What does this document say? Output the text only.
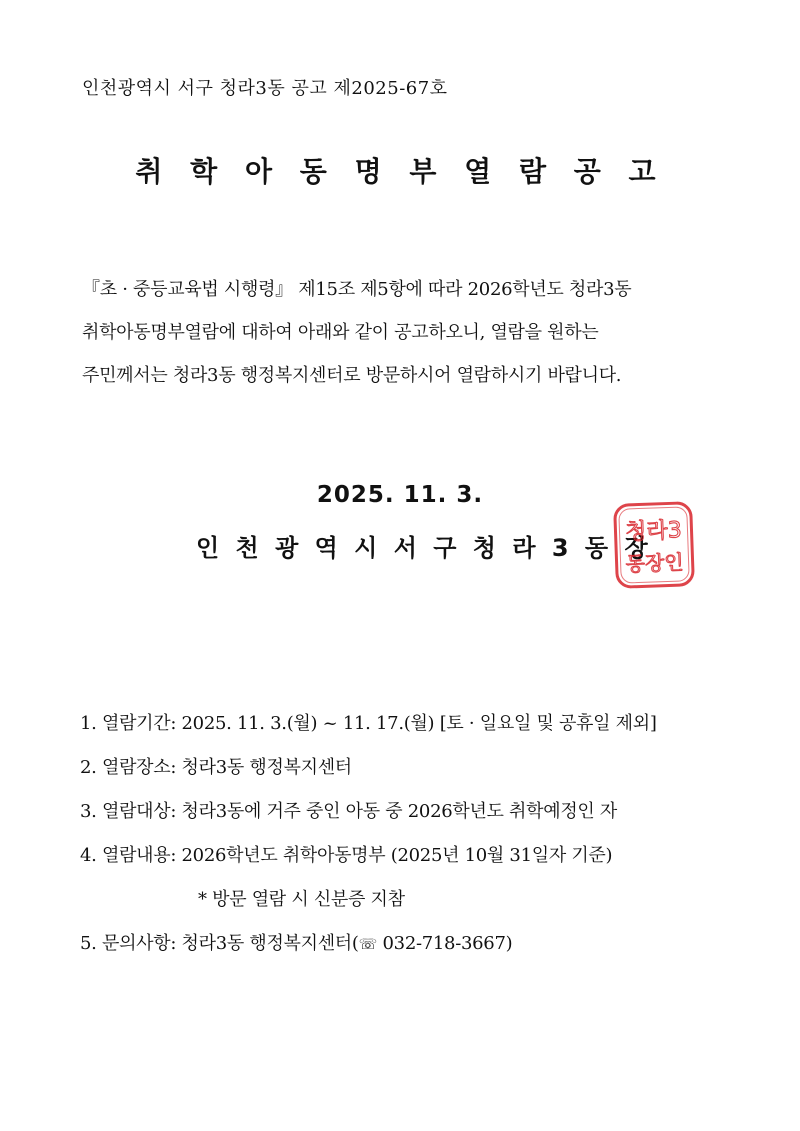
인천광역시 서구 청라3동 공고 제2025-67호
취 학 아 동 명 부 열 람 공 고
『초 · 중등교육법 시행령』 제15조 제5항에 따라 2026학년도 청라3동
취학아동명부열람에 대하여 아래와 같이 공고하오니, 열람을 원하는
주민께서는 청라3동 행정복지센터로 방문하시어 열람하시기 바랍니다.
2025. 11. 3.
인 천 광 역 시 서 구 청 라 3 동 장
청라3
동장인
1. 열람기간: 2025. 11. 3.(월) ~ 11. 17.(월) [토 · 일요일 및 공휴일 제외]
2. 열람장소: 청라3동 행정복지센터
3. 열람대상: 청라3동에 거주 중인 아동 중 2026학년도 취학예정인 자
4. 열람내용: 2026학년도 취학아동명부 (2025년 10월 31일자 기준)
* 방문 열람 시 신분증 지참
5. 문의사항: 청라3동 행정복지센터(☏ 032-718-3667)
